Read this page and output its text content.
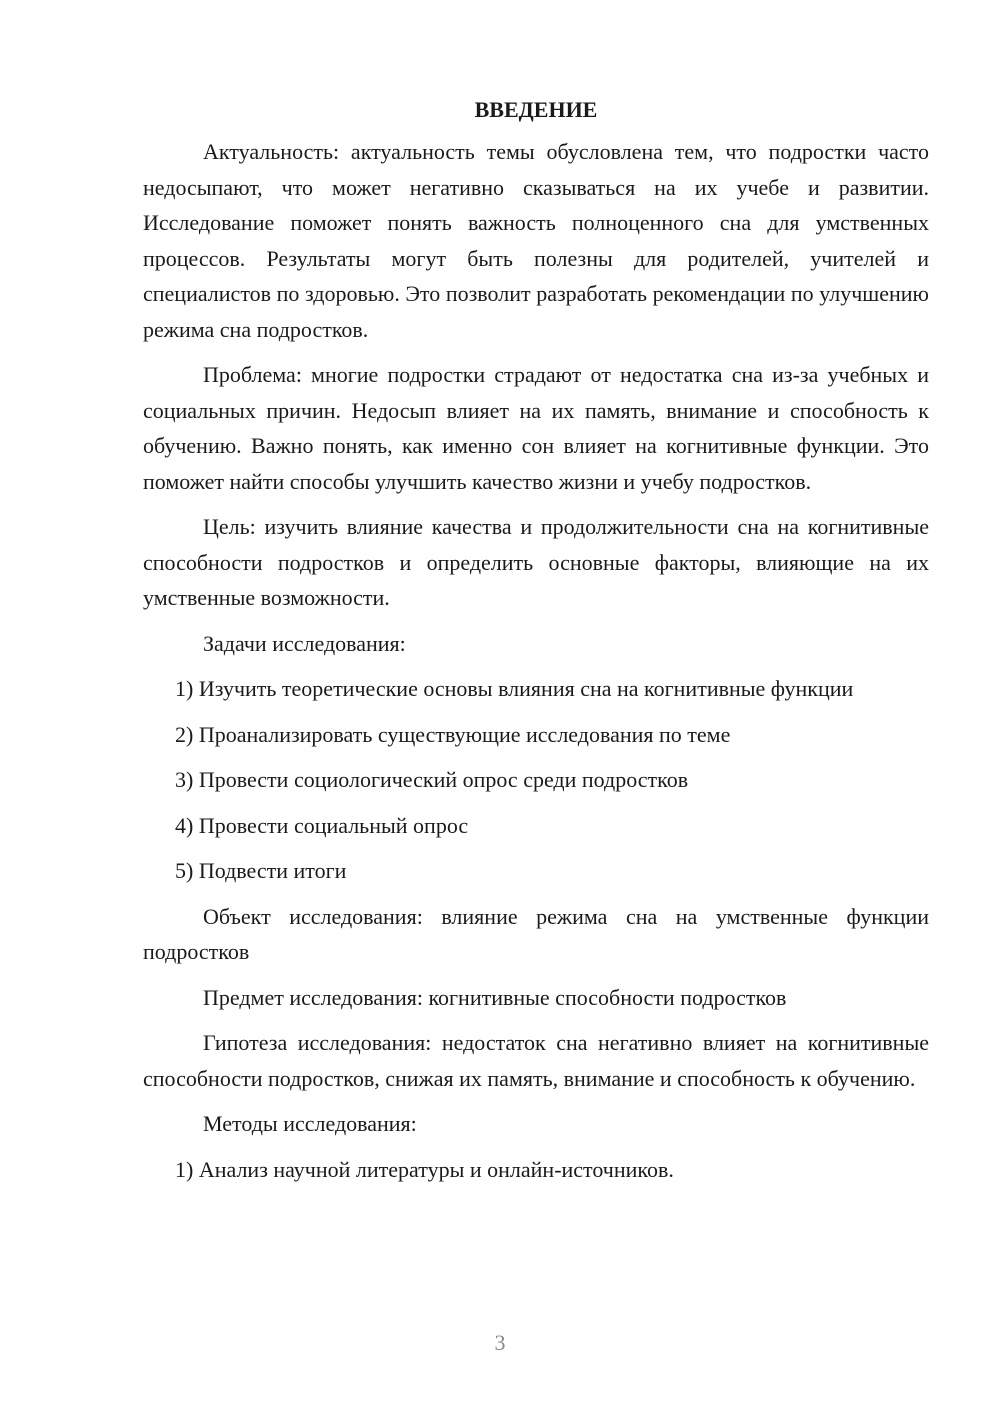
ВВЕДЕНИЕ

Актуальность: актуальность темы обусловлена тем, что подростки часто недосыпают, что может негативно сказываться на их учебе и развитии. Исследование поможет понять важность полноценного сна для умственных процессов. Результаты могут быть полезны для родителей, учителей и специалистов по здоровью. Это позволит разработать рекомендации по улучшению режима сна подростков.

Проблема: многие подростки страдают от недостатка сна из-за учебных и социальных причин. Недосып влияет на их память, внимание и способность к обучению. Важно понять, как именно сон влияет на когнитивные функции. Это поможет найти способы улучшить качество жизни и учебу подростков.

Цель: изучить влияние качества и продолжительности сна на когнитивные способности подростков и определить основные факторы, влияющие на их умственные возможности.

Задачи исследования:

1) Изучить теоретические основы влияния сна на когнитивные функции

2) Проанализировать существующие исследования по теме

3) Провести социологический опрос среди подростков

4) Провести социальный опрос

5) Подвести итоги

Объект исследования: влияние режима сна на умственные функции подростков

Предмет исследования: когнитивные способности подростков

Гипотеза исследования: недостаток сна негативно влияет на когнитивные способности подростков, снижая их память, внимание и способность к обучению.

Методы исследования:

1) Анализ научной литературы и онлайн-источников.

3
